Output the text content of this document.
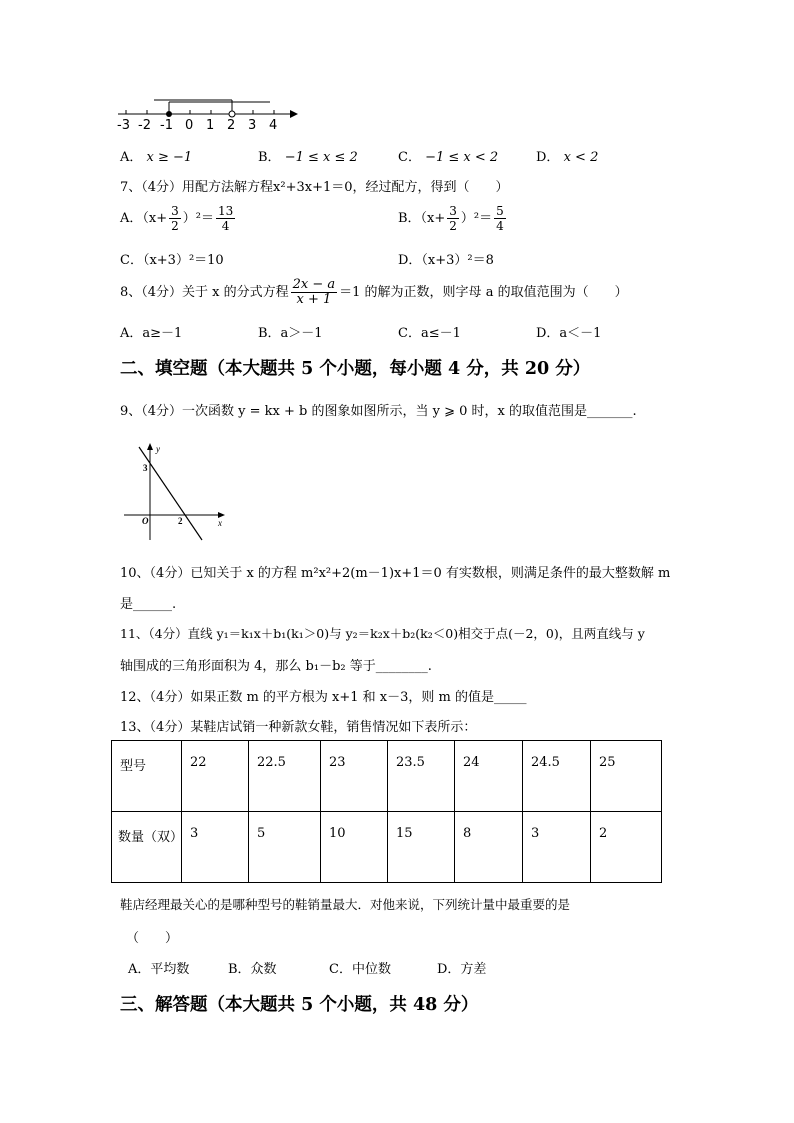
-3 -2 -1 0 1 2 3 4
A． x ≥ −1	B． −1 ≤ x ≤ 2	C． −1 ≤ x < 2	D． x < 2
7、（4分）用配方法解方程x²+3x+1＝0，经过配方，得到（　　）
A．$(x+ \frac{3}{2} )^2= \frac{13}{4}$	B．$(x+ \frac{3}{2} )^2= \frac{5}{4}$
C．（x+3）²＝10	D．（x+3）²＝8
8、（4分）关于 x 的分式方程 $\frac{2x - a}{x + 1} =1$ 的解为正数，则字母 a 的取值范围为（　　）
A．a≥－1	B．a＞－1	C．a≤－1	D．a＜－1
二、填空题（本大题共 5 个小题，每小题 4 分，共 20 分）
9、（4分）一次函数 y = kx + b 的图象如图所示，当 y ⩾ 0 时，x 的取值范围是_______.
y
x
O
3
2
10、（4分）已知关于 x 的方程 m²x²+2(m－1)x+1＝0 有实数根，则满足条件的最大整数解 m
是______.
11、（4分）直线 y₁＝k₁x＋b₁(k₁＞0)与 y₂＝k₂x＋b₂(k₂＜0)相交于点(－2，0)，且两直线与 y
轴围成的三角形面积为 4，那么 b₁－b₂ 等于________.
12、（4分）如果正数 m 的平方根为 x+1 和 x－3，则 m 的值是_____
13、（4分）某鞋店试销一种新款女鞋，销售情况如下表所示：
型号	22	22.5	23	23.5	24	24.5	25
数量（双）	3	5	10	15	8	3	2
鞋店经理最关心的是哪种型号的鞋销量最大．对他来说，下列统计量中最重要的是
（　　）
A．平均数	B．众数	C．中位数	D．方差
三、解答题（本大题共 5 个小题，共 48 分）
